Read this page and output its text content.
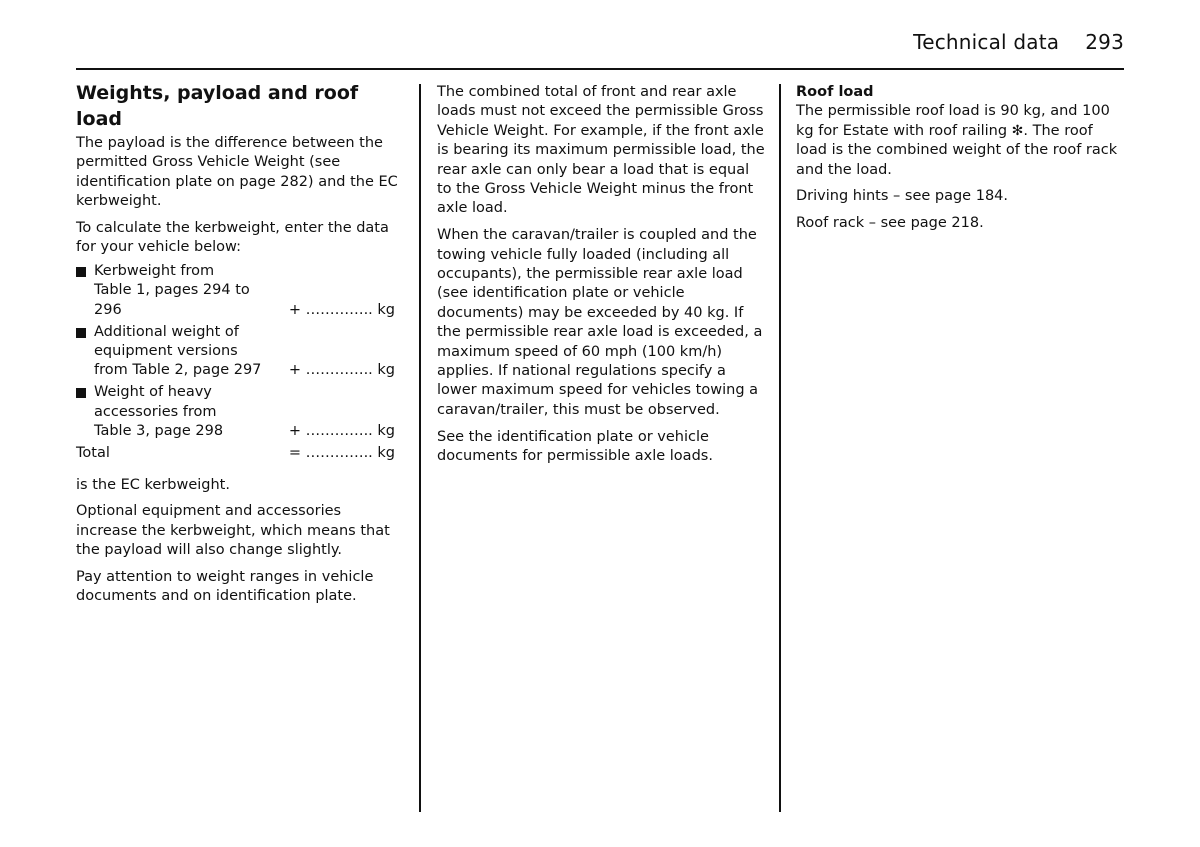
Technical data 293
Weights, payload and roof load

The payload is the difference between the permitted Gross Vehicle Weight (see identification plate on page 282) and the EC kerbweight.

To calculate the kerbweight, enter the data for your vehicle below:

Kerbweight from
Table 1, pages 294 to
296	+ ………….. kg
Additional weight of
equipment versions
from Table 2, page 297 + ………….. kg
Weight of heavy
accessories from
Table 3, page 298	+ ………….. kg
Total	= ………….. kg

is the EC kerbweight.

Optional equipment and accessories increase the kerbweight, which means that the payload will also change slightly.

Pay attention to weight ranges in vehicle documents and on identification plate.

The combined total of front and rear axle loads must not exceed the permissible Gross Vehicle Weight. For example, if the front axle is bearing its maximum permissible load, the rear axle can only bear a load that is equal to the Gross Vehicle Weight minus the front axle load.

When the caravan/trailer is coupled and the towing vehicle fully loaded (including all occupants), the permissible rear axle load (see identification plate or vehicle documents) may be exceeded by 40 kg. If the permissible rear axle load is exceeded, a maximum speed of 60 mph (100 km/h) applies. If national regulations specify a lower maximum speed for vehicles towing a caravan/trailer, this must be observed.

See the identification plate or vehicle documents for permissible axle loads.

Roof load

The permissible roof load is 90 kg, and 100 kg for Estate with roof railing ✻. The roof load is the combined weight of the roof rack and the load.

Driving hints – see page 184.

Roof rack – see page 218.
